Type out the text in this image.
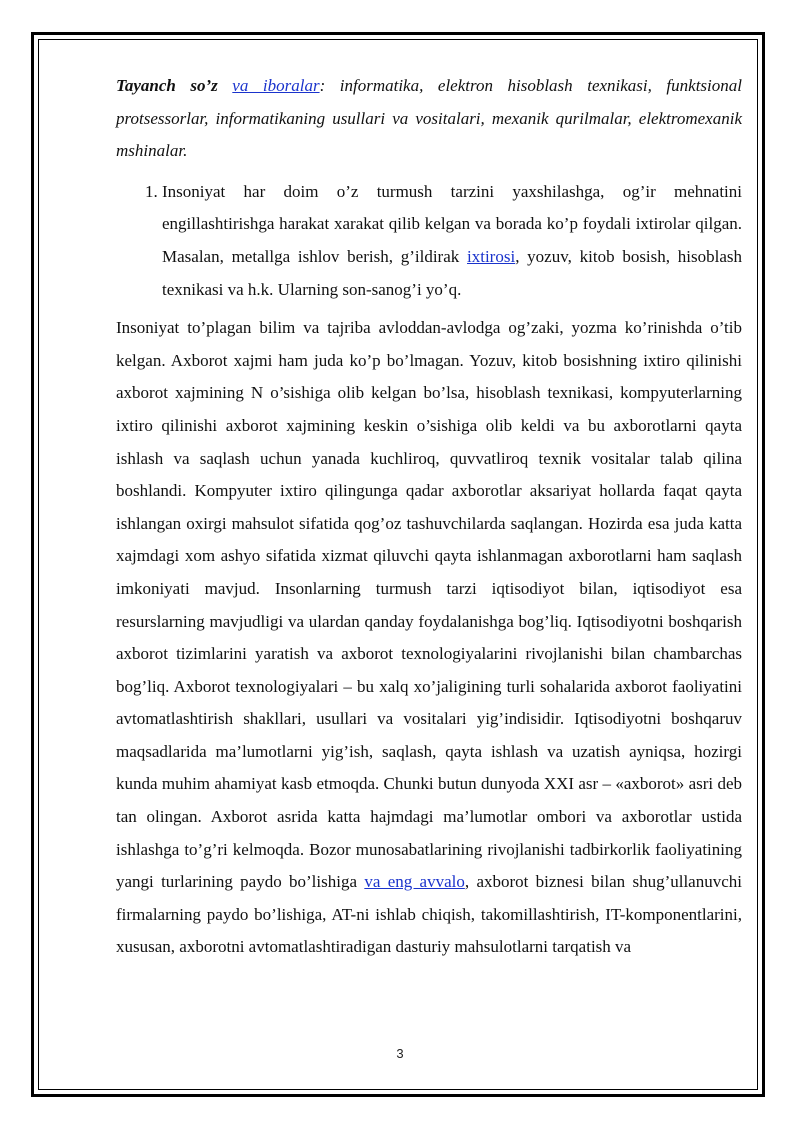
Tayanch so’z va iboralar: informatika, elektron hisoblash texnikasi, funktsional protsessorlar, informatikaning usullari va vositalari, mexanik qurilmalar, elektromexanik mshinalar.

1. Insoniyat har doim o’z turmush tarzini yaxshilashga, og’ir mehnatini engillashtirishga harakat xarakat qilib kelgan va borada ko’p foydali ixtirolar qilgan. Masalan, metallga ishlov berish, g’ildirak ixtirosi, yozuv, kitob bosish, hisoblash texnikasi va h.k. Ularning son-sanog’i yo’q.

Insoniyat to’plagan bilim va tajriba avloddan-avlodga og’zaki, yozma ko’rinishda o’tib kelgan. Axborot xajmi ham juda ko’p bo’lmagan. Yozuv, kitob bosishning ixtiro qilinishi axborot xajmining N o’sishiga olib kelgan bo’lsa, hisoblash texnikasi, kompyuterlarning ixtiro qilinishi axborot xajmining keskin o’sishiga olib keldi va bu axborotlarni qayta ishlash va saqlash uchun yanada kuchliroq, quvvatliroq texnik vositalar talab qilina boshlandi. Kompyuter ixtiro qilingunga qadar axborotlar aksariyat hollarda faqat qayta ishlangan oxirgi mahsulot sifatida qog’oz tashuvchilarda saqlangan. Hozirda esa juda katta xajmdagi xom ashyo sifatida xizmat qiluvchi qayta ishlanmagan axborotlarni ham saqlash imkoniyati mavjud. Insonlarning turmush tarzi iqtisodiyot bilan, iqtisodiyot esa resurslarning mavjudligi va ulardan qanday foydalanishga bog’liq. Iqtisodiyotni boshqarish axborot tizimlarini yaratish va axborot texnologiyalarini rivojlanishi bilan chambarchas bog’liq. Axborot texnologiyalari – bu xalq xo’jaligining turli sohalarida axborot faoliyatini avtomatlashtirish shakllari, usullari va vositalari yig’indisidir. Iqtisodiyotni boshqaruv maqsadlarida ma’lumotlarni yig’ish, saqlash, qayta ishlash va uzatish ayniqsa, hozirgi kunda muhim ahamiyat kasb etmoqda. Chunki butun dunyoda XXI asr – «axborot» asri deb tan olingan. Axborot asrida katta hajmdagi ma’lumotlar ombori va axborotlar ustida ishlashga to’g’ri kelmoqda. Bozor munosabatlarining rivojlanishi tadbirkorlik faoliyatining yangi turlarining paydo bo’lishiga va eng avvalo, axborot biznesi bilan shug’ullanuvchi firmalarning paydo bo’lishiga, AT-ni ishlab chiqish, takomillashtirish, IT-komponentlarini, xususan, axborotni avtomatlashtiradigan dasturiy mahsulotlarni tarqatish va

3
